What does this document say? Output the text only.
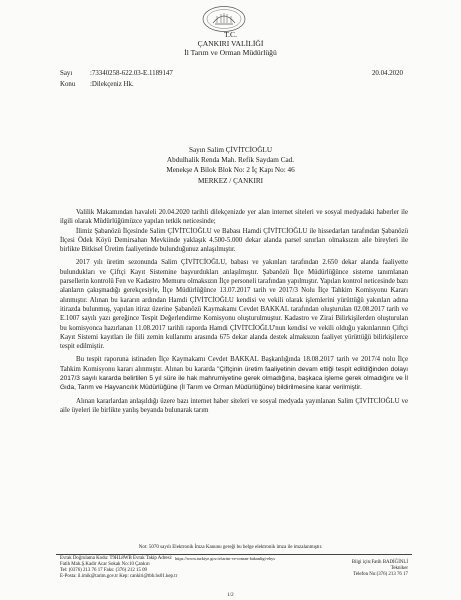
T.C.
ÇANKIRI VALİLİĞİ
İl Tarım ve Orman Müdürlüğü
Sayı	:73340258-622.03-E.1189147
Konu :Dilekçeniz Hk.
20.04.2020
Sayın Salim ÇİVİTCİOĞLU
Abdulhalik Renda Mah. Refik Saydam Cad.
Menekşe A Bilok Blok No: 2 İç Kapı No: 46
MERKEZ / ÇANKIRI

Valilik Makamından havaleli 20.04.2020 tarihli dilekçenizde yer alan internet siteleri ve sosyal medyadaki haberler ile ilgili olarak Müdürlüğümüzce yapılan tetkik neticesinde;

İlimiz Şabanözü İlçesinde Salim ÇİVİTCİOĞLU ve Babası Hamdi ÇİVİTCİOĞLU ile hissedarları tarafından Şabanözü İlçesi Ödek Köyü Demirsahan Mevkiinde yaklaşık 4.500-5.000 dekar alanda parsel sınırları olmaksızın aile bireyleri ile birlikte Bitkisel Üretim faaliyetinde bulunduğunuz anlaşılmıştır.

2017 yılı üretim sezonunda Salim ÇİVİTCİOĞLU, babası ve yakınları tarafından 2.650 dekar alanda faaliyette bulundukları ve Çiftçi Kayıt Sistemine başvurdukları anlaşılmıştır. Şabanözü İlçe Müdürlüğünce sisteme tanımlanan parsellerin kontrolü Fen ve Kadastro Memuru olmaksızın İlçe personeli tarafından yapılmıştır. Yapılan kontrol neticesinde bazı alanların çakışmadığı gerekçesiyle, İlçe Müdürlüğünce 13.07.2017 tarih ve 2017/3 Nolu İlçe Tahkim Komisyonu Kararı alınmıştır. Alınan bu kararın ardından Hamdi ÇİVİTCİOĞLU kendisi ve vekili olarak işlemlerini yürüttüğü yakınları adına itirazda bulunmuş, yapılan itiraz üzerine Şabanözü Kaymakamı Cevdet BAKKAL tarafından oluşturulan 02.08.2017 tarih ve E.1007 sayılı yazı gereğince Tespit Değerlendirme Komisyonu oluşturulmuştur. Kadastro ve Zirai Bilirkişilerden oluşturulan bu komisyonca hazırlanan 11.08.2017 tarihli raporda Hamdi ÇİVİTCİOĞLU'nun kendisi ve vekili olduğu yakınlarının Çiftçi Kayıt Sistemi kayıtları ile fiili zemin kullanımı arasında 675 dekar alanda destek almaksızın faaliyet yürüttüğü bilirkişilerce tespit edilmiştir.

Bu tespit raporuna istinaden İlçe Kaymakamı Cevdet BAKKAL Başkanlığında 18.08.2017 tarih ve 2017/4 nolu İlçe Tahkim Komisyonu kararı alınmıştır. Alınan bu kararda "Çiftçinin üretim faaliyetinin devam ettiği tespit edildiğinden dolayı 2017/3 sayılı kararda belirtilen 5 yıl süre ile hak mahrumiyetine gerek olmadığına, başkaca işleme gerek olmadığını ve İl Gıda, Tarım ve Hayvancılık Müdürlüğüne (İl Tarım ve Orman Müdürlüğüne) bildirilmesine karar verilmiştir.

Alınan kararlardan anlaşıldığı üzere bazı internet haber siteleri ve sosyal medyada yayınlanan Salim ÇİVİTCİOĞLU ve aile üyeleri ile birlikte yanlış beyanda bulunarak tarım

Not: 5070 sayılı Elektronik İmza Kanunu gereği bu belge elektronik imza ile imzalanmıştır.
Evrak Doğrulama Kodu: T9HL8WB Evrak Takip Adresi:
Fatih Mah.Ş.Kadir Acar Sokak No:10 Çankırı
Tel: (0376) 213 76 17 Faks: (376) 212 15 09
E-Posta: il.imik@tarim.gov.tr Kep: cankiri@tbb.hs01.kep.tr
https://www.turkiye.gov.tr/tarim-ve-orman-bakanligi-ebys
Bilgi için:Fatih BADİĞİNLİ
Tekniker
Telefon No:(376) 213 76 17
1/2
